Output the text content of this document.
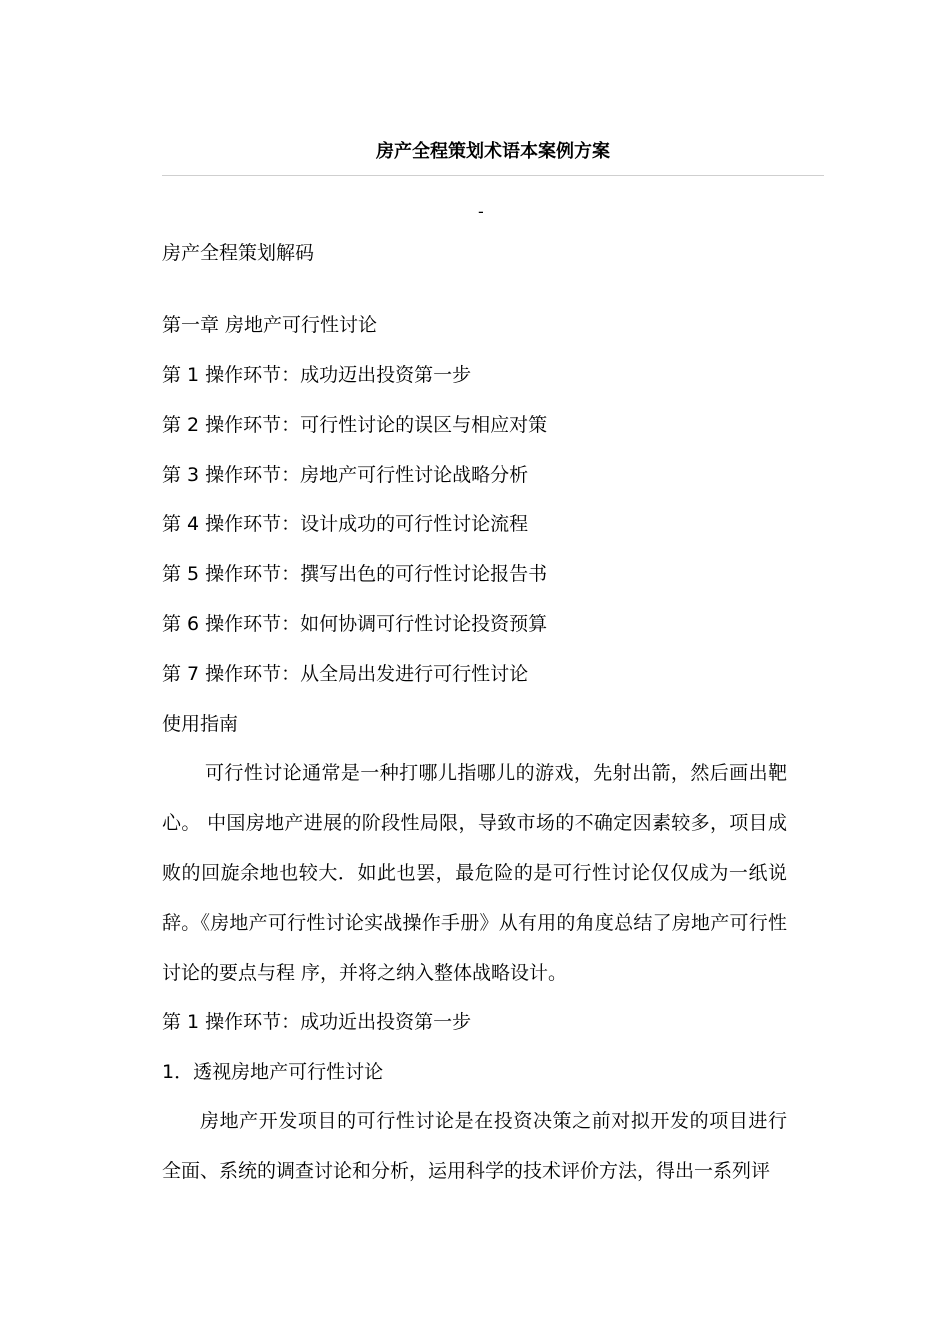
房产全程策划术语本案例方案
-

房产全程策划解码

第一章 房地产可行性讨论

第 1 操作环节：成功迈出投资第一步

第 2 操作环节：可行性讨论的误区与相应对策

第 3 操作环节：房地产可行性讨论战略分析

第 4 操作环节：设计成功的可行性讨论流程

第 5 操作环节：撰写出色的可行性讨论报告书

第 6 操作环节：如何协调可行性讨论投资预算

第 7 操作环节：从全局出发进行可行性讨论

使用指南

可行性讨论通常是一种打哪儿指哪儿的游戏，先射出箭，然后画出靶心。 中国房地产进展的阶段性局限，导致市场的不确定因素较多，项目成败的回旋余地也较大．如此也罢，最危险的是可行性讨论仅仅成为一纸说辞。《房地产可行性讨论实战操作手册》从有用的角度总结了房地产可行性讨论的要点与程 序，并将之纳入整体战略设计。

第 1 操作环节：成功近出投资第一步

1．透视房地产可行性讨论

房地产开发项目的可行性讨论是在投资决策之前对拟开发的项目进行全面、系统的调查讨论和分析，运用科学的技术评价方法，得出一系列评
